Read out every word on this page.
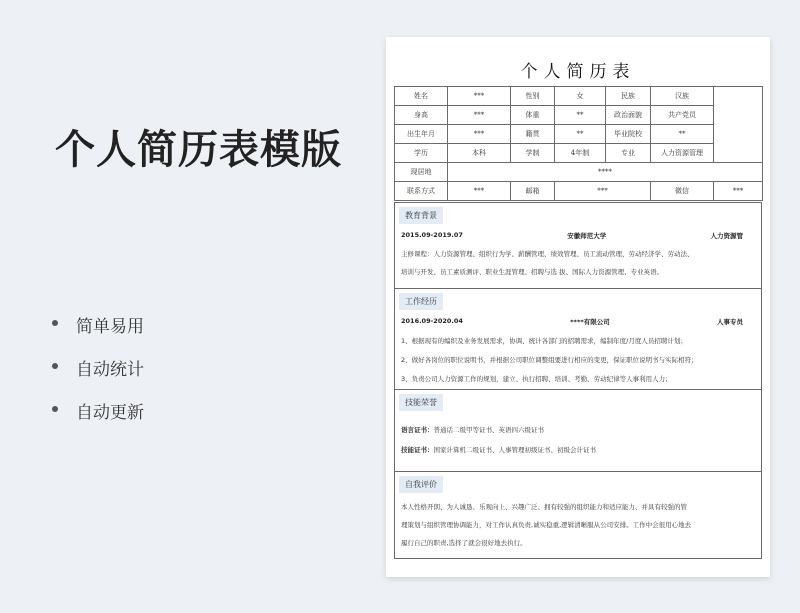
个人简历表模版
简单易用
自动统计
自动更新
个人简历表
姓名	***	性别	女	民族	汉族	
身高	***	体重	**	政治面貌	共产党员	
出生年月	***	籍贯	**	毕业院校	**	
学历	本科	学制	4年制	专业	人力资源管理	
现居地	****					
联系方式	***	邮箱	***		微信	***
教育背景
2015.09-2019.07	安徽师范大学	人力资源管
主修课程：人力资源管理、组织行为学、薪酬管理、绩效管理、员工流动管理、劳动经济学、劳动法、
培训与开发、员工素质测评、职业生涯管理、招聘与选 拔、国际人力资源管理、专业英语。
工作经历
2016.09-2020.04	****有限公司	人事专员
1、根据现有的编织及业务发展需求，协调、统计各部门的招聘需求，编制年度/月度人员招聘计划；
2、做好各岗位的职位说明书，并根据公司职位调整组要进行相应的变更，保证职位说明书与实际相符；
3、负责公司人力资源工作的规划，建立、执行招聘、培训、考勤、劳动纪律等人事利用人力；
技能荣誉
语言证书：普通话二级甲等证书、英语四六级证书
技能证书：国家计算机二级证书、人事管理初级证书、初级会计证书
自我评价
本人性格开朗、为人诚恳、乐观向上、兴趣广泛、拥有较强的组织能力和适应能力、并具有较强的管
理策划与组织管理协调能力，对工作认真负责,诚实稳重,逻辑清晰服从公司安排。工作中会很用心地去
履行自己的职责,选择了就会很好地去执行。
